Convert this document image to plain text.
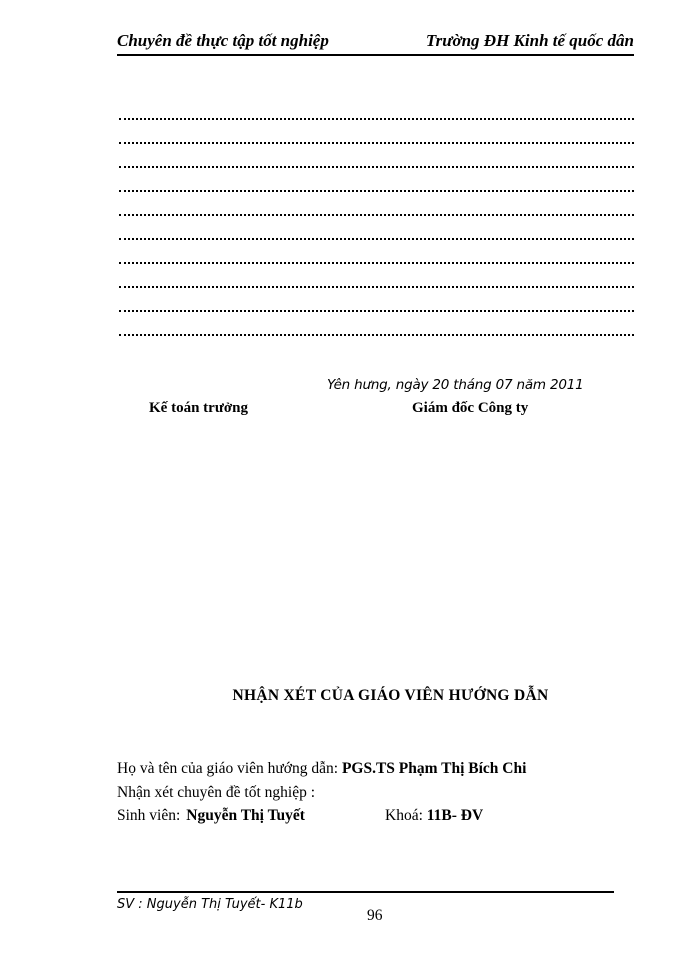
Chuyên đề thực tập tốt nghiệp	Trường ĐH Kinh tế quốc dân
Yên hưng, ngày 20 tháng 07 năm 2011
Kế toán trưởng	Giám đốc Công ty
NHẬN XÉT CỦA GIÁO VIÊN HƯỚNG DẪN
Họ và tên của giáo viên hướng dẫn: PGS.TS Phạm Thị Bích Chi
Nhận xét chuyên đề tốt nghiệp :
Sinh viên:Nguyễn Thị Tuyết	Khoá: 11B- ĐV
SV : Nguyễn Thị Tuyết- K11b
96
